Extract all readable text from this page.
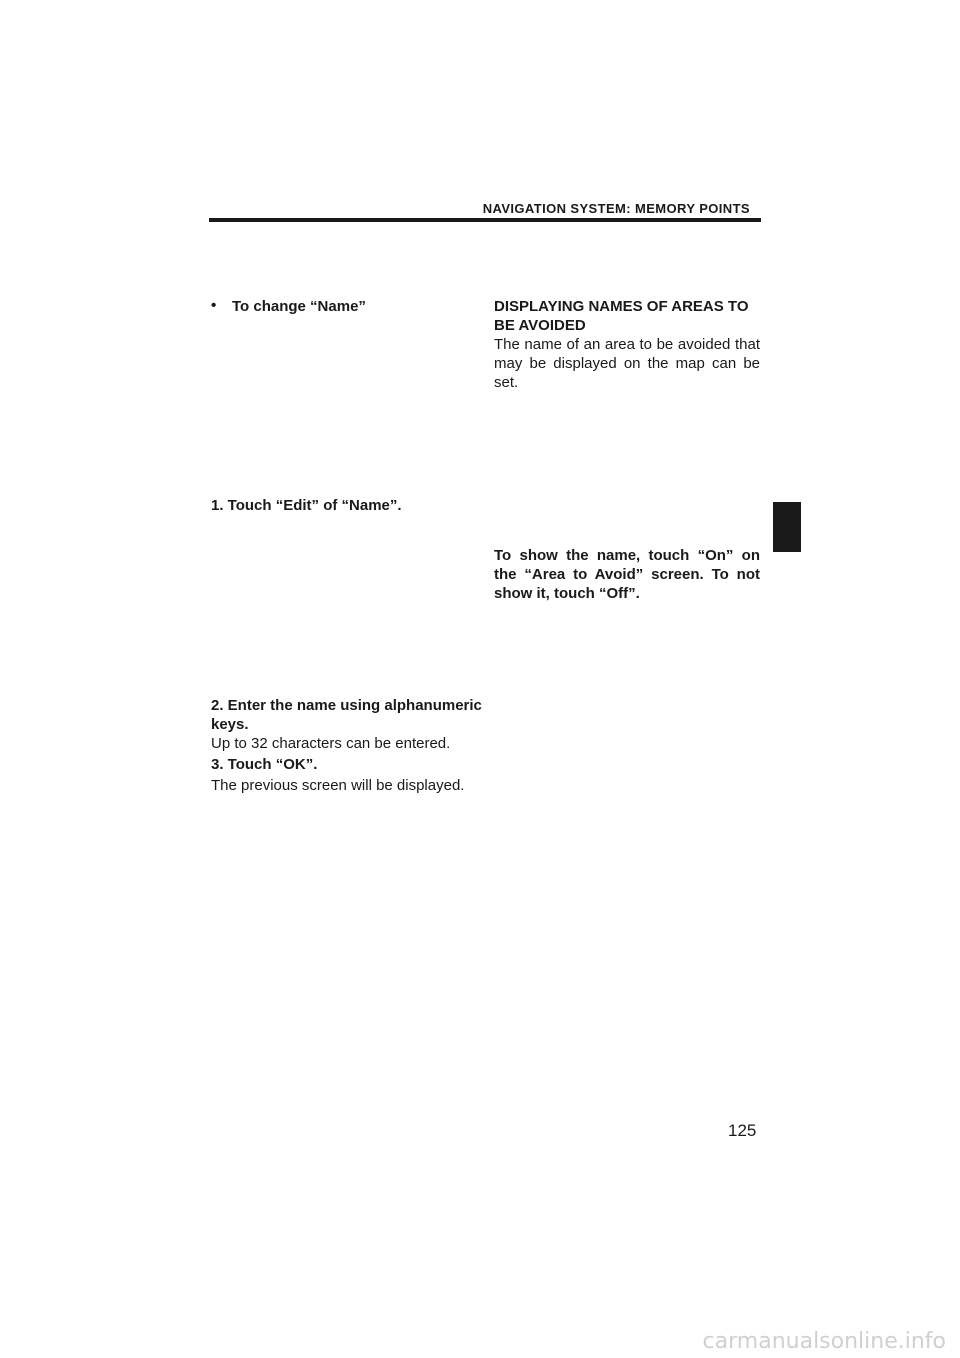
NAVIGATION SYSTEM: MEMORY POINTS
• To change “Name”
1. Touch “Edit” of “Name”.
2. Enter the name using alphanumeric keys.
Up to 32 characters can be entered.
3. Touch “OK”.
The previous screen will be displayed.
DISPLAYING NAMES OF AREAS TO BE AVOIDED
The name of an area to be avoided that may be displayed on the map can be set.
To show the name, touch “On” on the “Area to Avoid” screen. To not show it, touch “Off”.
125
carmanualsonline.info
